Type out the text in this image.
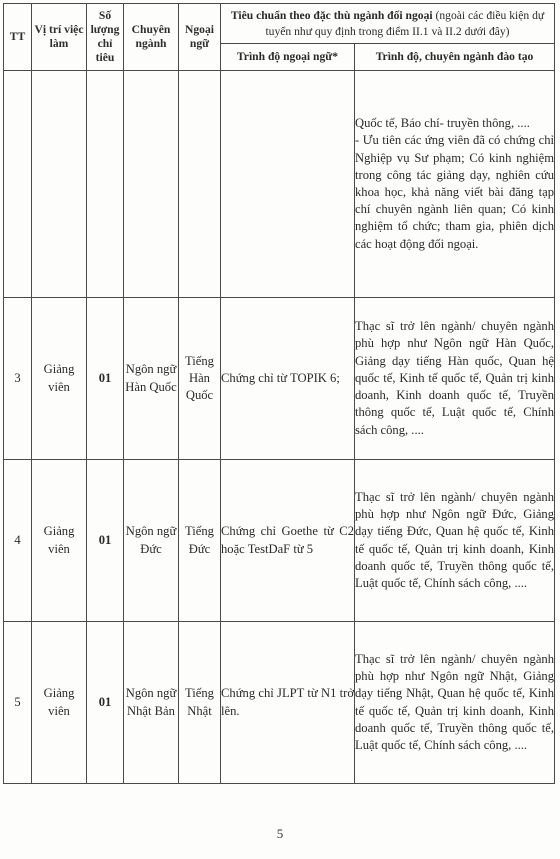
TT	Vị trí việc làm	Số lượng chỉ tiêu	Chuyên ngành	Ngoại ngữ	Tiêu chuẩn theo đặc thù ngành đối ngoại (ngoài các điều kiện dự tuyển như quy định trong điểm II.1 và II.2 dưới đây)	
					Trình độ ngoại ngữ*	Trình độ, chuyên ngành đào tạo

						Quốc tế, Báo chí- truyền thông, ....

- Ưu tiên các ứng viên đã có chứng chỉ Nghiệp vụ Sư phạm; Có kinh nghiệm trong công tác giảng dạy, nghiên cứu khoa học, khả năng viết bài đăng tạp chí chuyên ngành liên quan; Có kinh nghiệm tổ chức; tham gia, phiên dịch các hoạt động đối ngoại.

3	Giảng viên	01	Ngôn ngữ Hàn Quốc	Tiếng Hàn Quốc	Chứng chỉ từ TOPIK 6;	Thạc sĩ trở lên ngành/ chuyên ngành phù hợp như Ngôn ngữ Hàn Quốc, Giảng dạy tiếng Hàn quốc, Quan hệ quốc tế, Kinh tế quốc tế, Quản trị kinh doanh, Kinh doanh quốc tế, Truyền thông quốc tế, Luật quốc tế, Chính sách công, ....
4	Giảng viên	01	Ngôn ngữ Đức	Tiếng Đức	Chứng chỉ Goethe từ C2 hoặc TestDaF từ 5	Thạc sĩ trở lên ngành/ chuyên ngành phù hợp như Ngôn ngữ Đức, Giảng dạy tiếng Đức, Quan hệ quốc tế, Kinh tế quốc tế, Quản trị kinh doanh, Kinh doanh quốc tế, Truyền thông quốc tế, Luật quốc tế, Chính sách công, ....
5	Giảng viên	01	Ngôn ngữ Nhật Bản	Tiếng Nhật	Chứng chỉ JLPT từ N1 trở lên.	Thạc sĩ trở lên ngành/ chuyên ngành phù hợp như Ngôn ngữ Nhật, Giảng dạy tiếng Nhật, Quan hệ quốc tế, Kinh tế quốc tế, Quản trị kinh doanh, Kinh doanh quốc tế, Truyền thông quốc tế, Luật quốc tế, Chính sách công, ....
5
